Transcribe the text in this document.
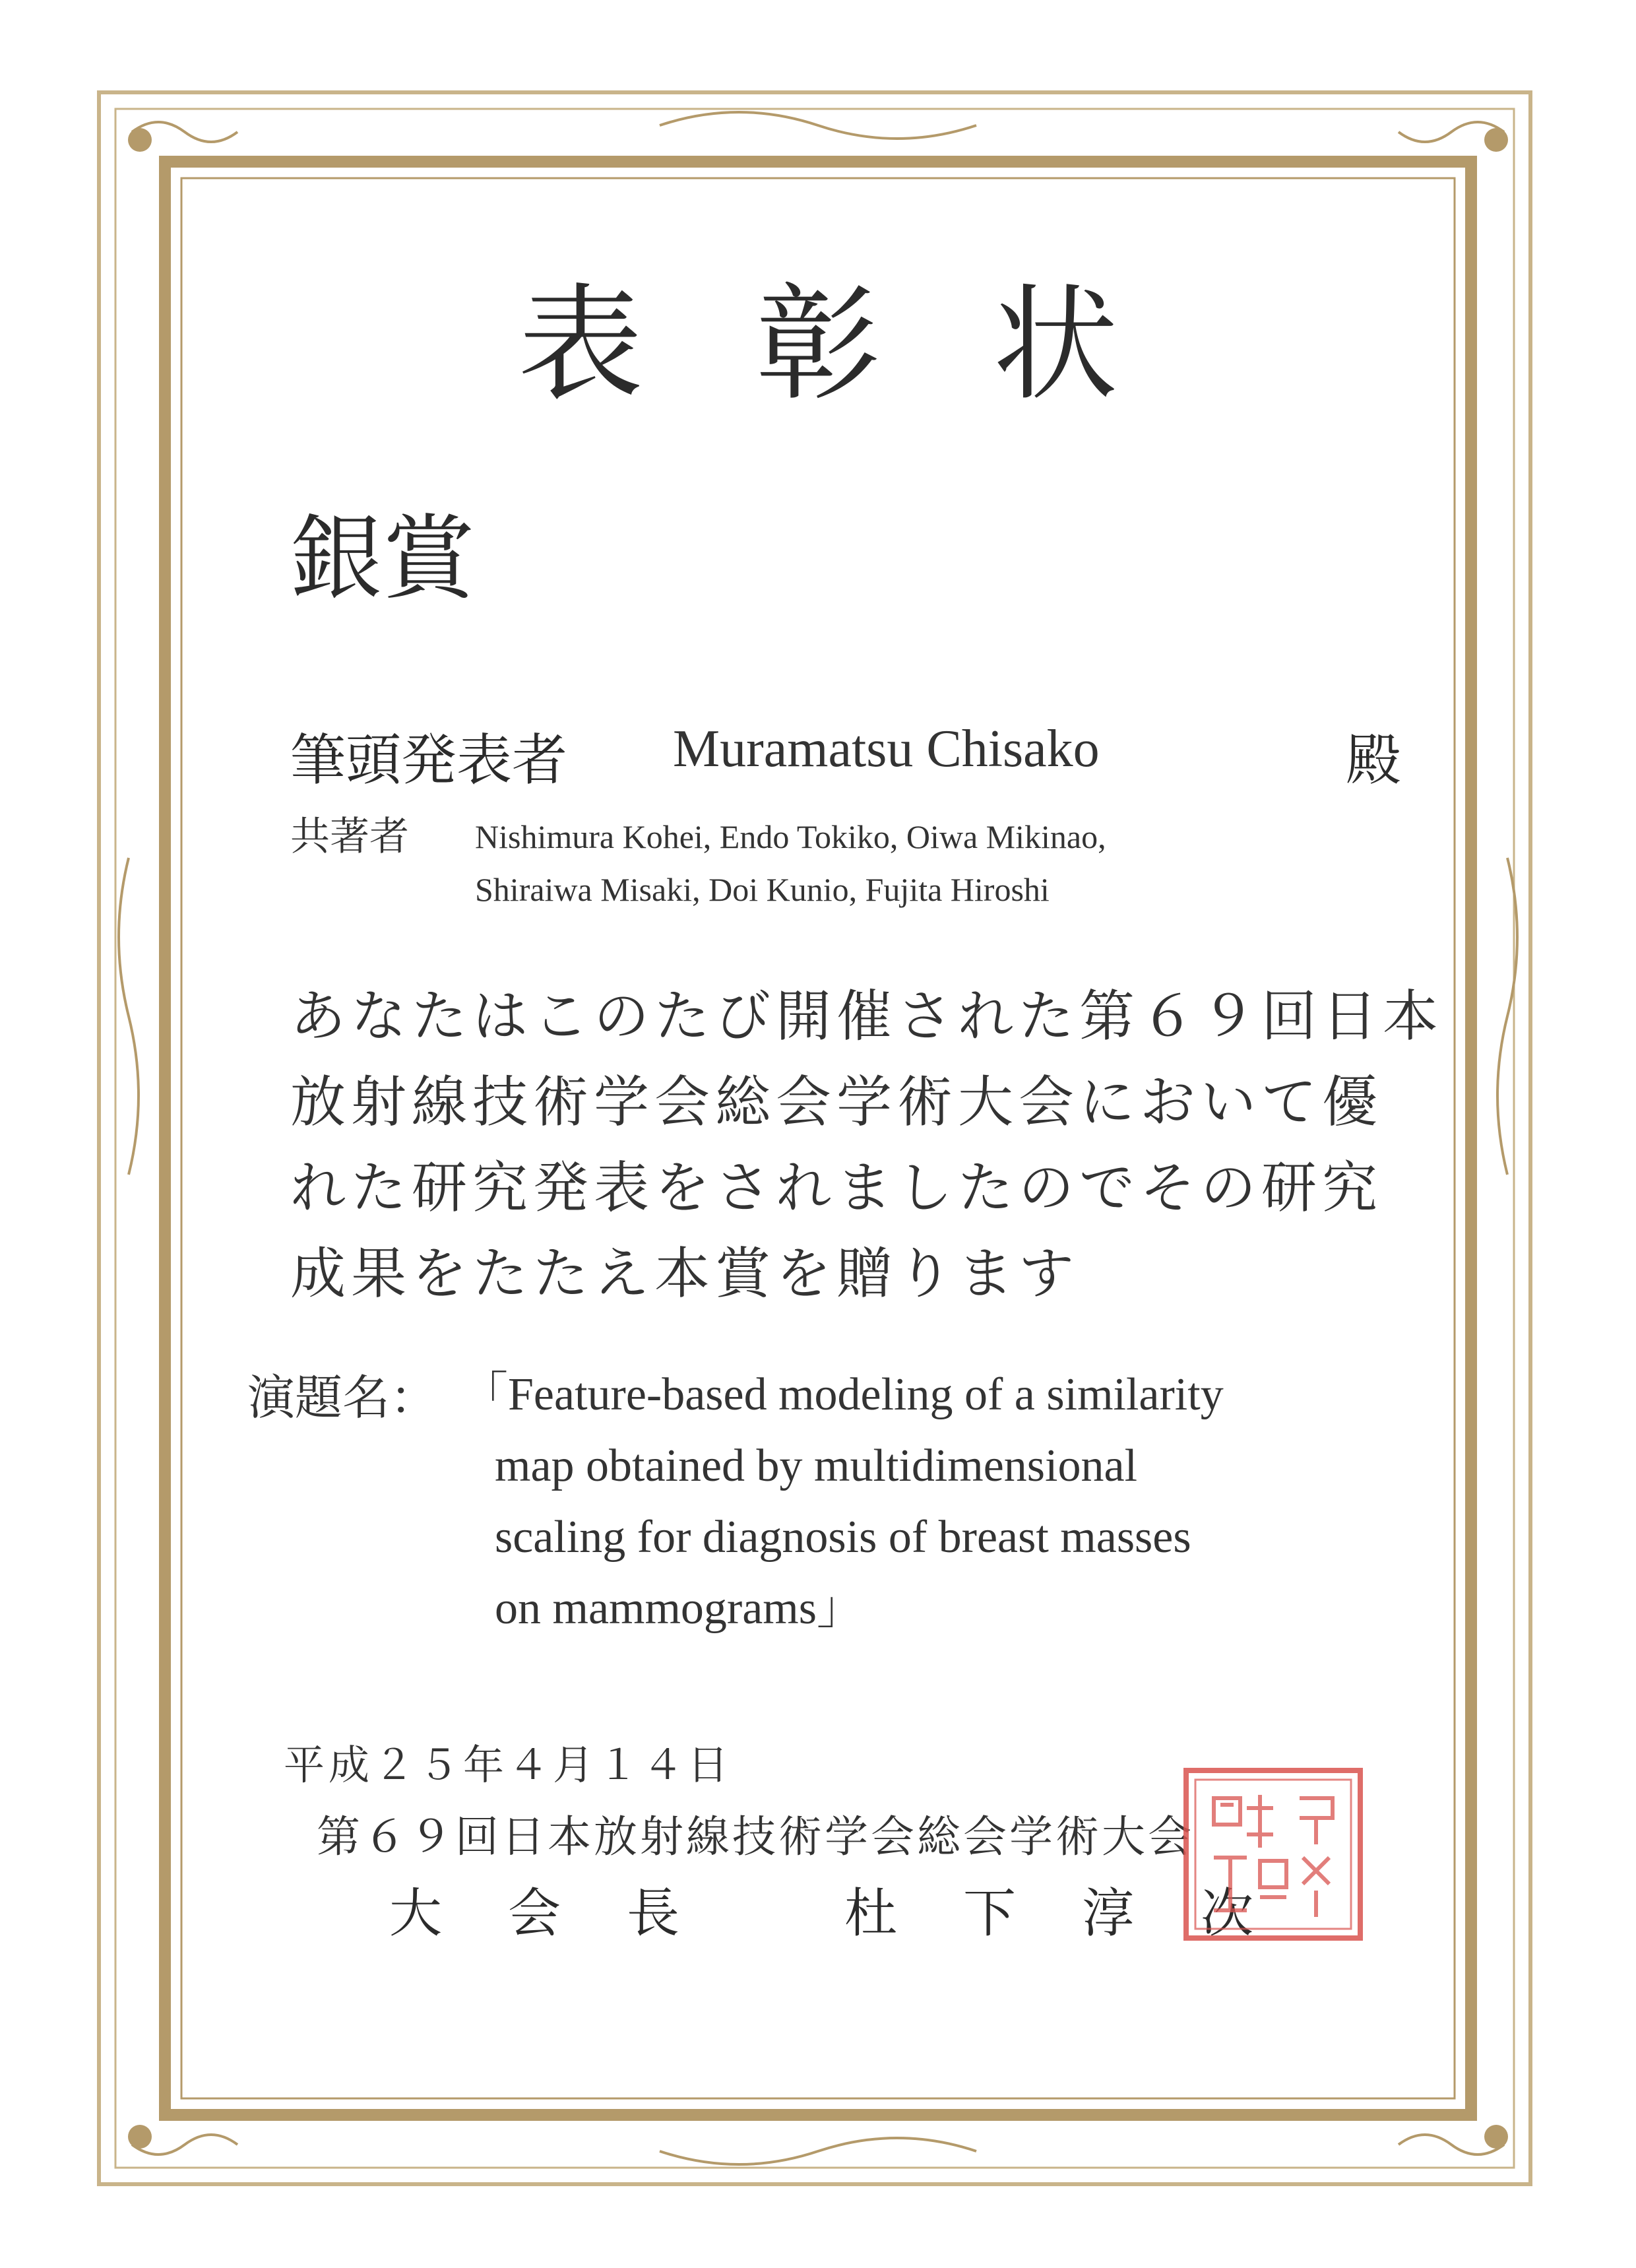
表彰状
銀賞
筆頭発表者 Muramatsu Chisako	殿
共著者 Nishimura Kohei, Endo Tokiko, Oiwa Mikinao,
Shiraiwa Misaki, Doi Kunio, Fujita Hiroshi
あなたはこのたび開催された第６９回日本
放射線技術学会総会学術大会において優
れた研究発表をされましたのでその研究
成果をたたえ本賞を贈ります
演題名： 「Feature-based modeling of a similarity
map obtained by multidimensional
scaling for diagnosis of breast masses
on mammograms」
平成２５年４月１４日
第６９回日本放射線技術学会総会学術大会
大会長 杜下淳次
